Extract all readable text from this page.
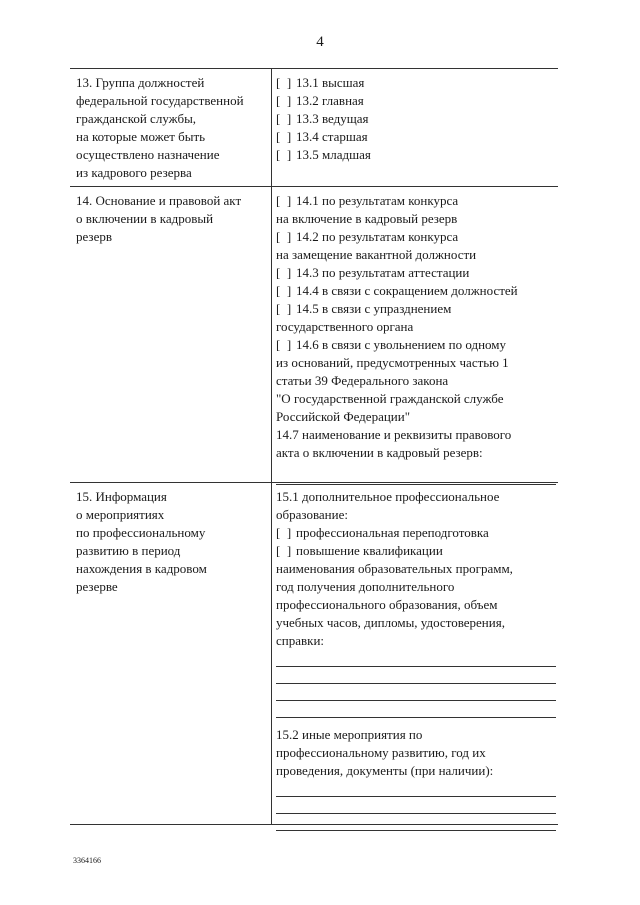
4
13. Группа должностей
федеральной государственной
гражданской службы,
на которые может быть
осуществлено назначение
из кадрового резерва
[  ] 13.1 высшая
[  ] 13.2 главная
[  ] 13.3 ведущая
[  ] 13.4 старшая
[  ] 13.5 младшая
14. Основание и правовой акт
о включении в кадровый
резерв
[  ] 14.1 по результатам конкурса
на включение в кадровый резерв
[  ] 14.2 по результатам конкурса
на замещение вакантной должности
[  ] 14.3 по результатам аттестации
[  ] 14.4 в связи с сокращением должностей
[  ] 14.5 в связи с упразднением
государственного органа
[  ] 14.6 в связи с увольнением по одному
из оснований, предусмотренных частью 1
статьи 39 Федерального закона
"О государственной гражданской службе
Российской Федерации"
14.7 наименование и реквизиты правового
акта о включении в кадровый резерв:
15. Информация
о мероприятиях
по профессиональному
развитию в период
нахождения в кадровом
резерве
15.1 дополнительное профессиональное
образование:
[  ] профессиональная переподготовка
[  ] повышение квалификации
наименования образовательных программ,
год получения дополнительного
профессионального образования, объем
учебных часов, дипломы, удостоверения,
справки:
15.2 иные мероприятия по
профессиональному развитию, год их
проведения, документы (при наличии):
3364166
